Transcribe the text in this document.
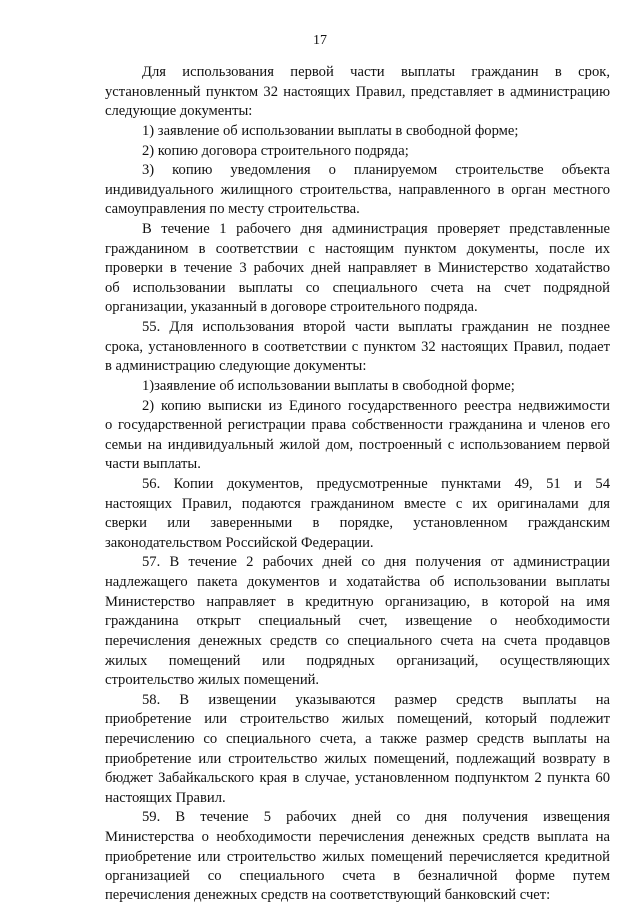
17
Для использования первой части выплаты гражданин в срок,
установленный пунктом 32 настоящих Правил, представляет в администрацию
следующие документы:
1) заявление об использовании выплаты в свободной форме;
2) копию договора строительного подряда;
3) копию уведомления о планируемом строительстве объекта
индивидуального жилищного строительства, направленного в орган местного
самоуправления по месту строительства.
В течение 1 рабочего дня администрация проверяет представленные
гражданином в соответствии с настоящим пунктом документы, после их
проверки в течение 3 рабочих дней направляет в Министерство ходатайство
об использовании выплаты со специального счета на счет подрядной
организации, указанный в договоре строительного подряда.
55. Для использования второй части выплаты гражданин не позднее
срока, установленного в соответствии с пунктом 32 настоящих Правил, подает
в администрацию следующие документы:
1)заявление об использовании выплаты в свободной форме;
2) копию выписки из Единого государственного реестра недвижимости
о государственной регистрации права собственности гражданина и членов его
семьи на индивидуальный жилой дом, построенный с использованием первой
части выплаты.
56. Копии документов, предусмотренные пунктами 49, 51 и 54
настоящих Правил, подаются гражданином вместе с их оригиналами для
сверки или заверенными в порядке, установленном гражданским
законодательством Российской Федерации.
57. В течение 2 рабочих дней со дня получения от администрации
надлежащего пакета документов и ходатайства об использовании выплаты
Министерство направляет в кредитную организацию, в которой на имя
гражданина открыт специальный счет, извещение о необходимости
перечисления денежных средств со специального счета на счета продавцов
жилых помещений или подрядных организаций, осуществляющих
строительство жилых помещений.
58. В извещении указываются размер средств выплаты на
приобретение или строительство жилых помещений, который подлежит
перечислению со специального счета, а также размер средств выплаты на
приобретение или строительство жилых помещений, подлежащий возврату в
бюджет Забайкальского края в случае, установленном подпунктом 2 пункта 60
настоящих Правил.
59. В течение 5 рабочих дней со дня получения извещения
Министерства о необходимости перечисления денежных средств выплата на
приобретение или строительство жилых помещений перечисляется кредитной
организацией со специального счета в безналичной форме путем
перечисления денежных средств на соответствующий банковский счет:
